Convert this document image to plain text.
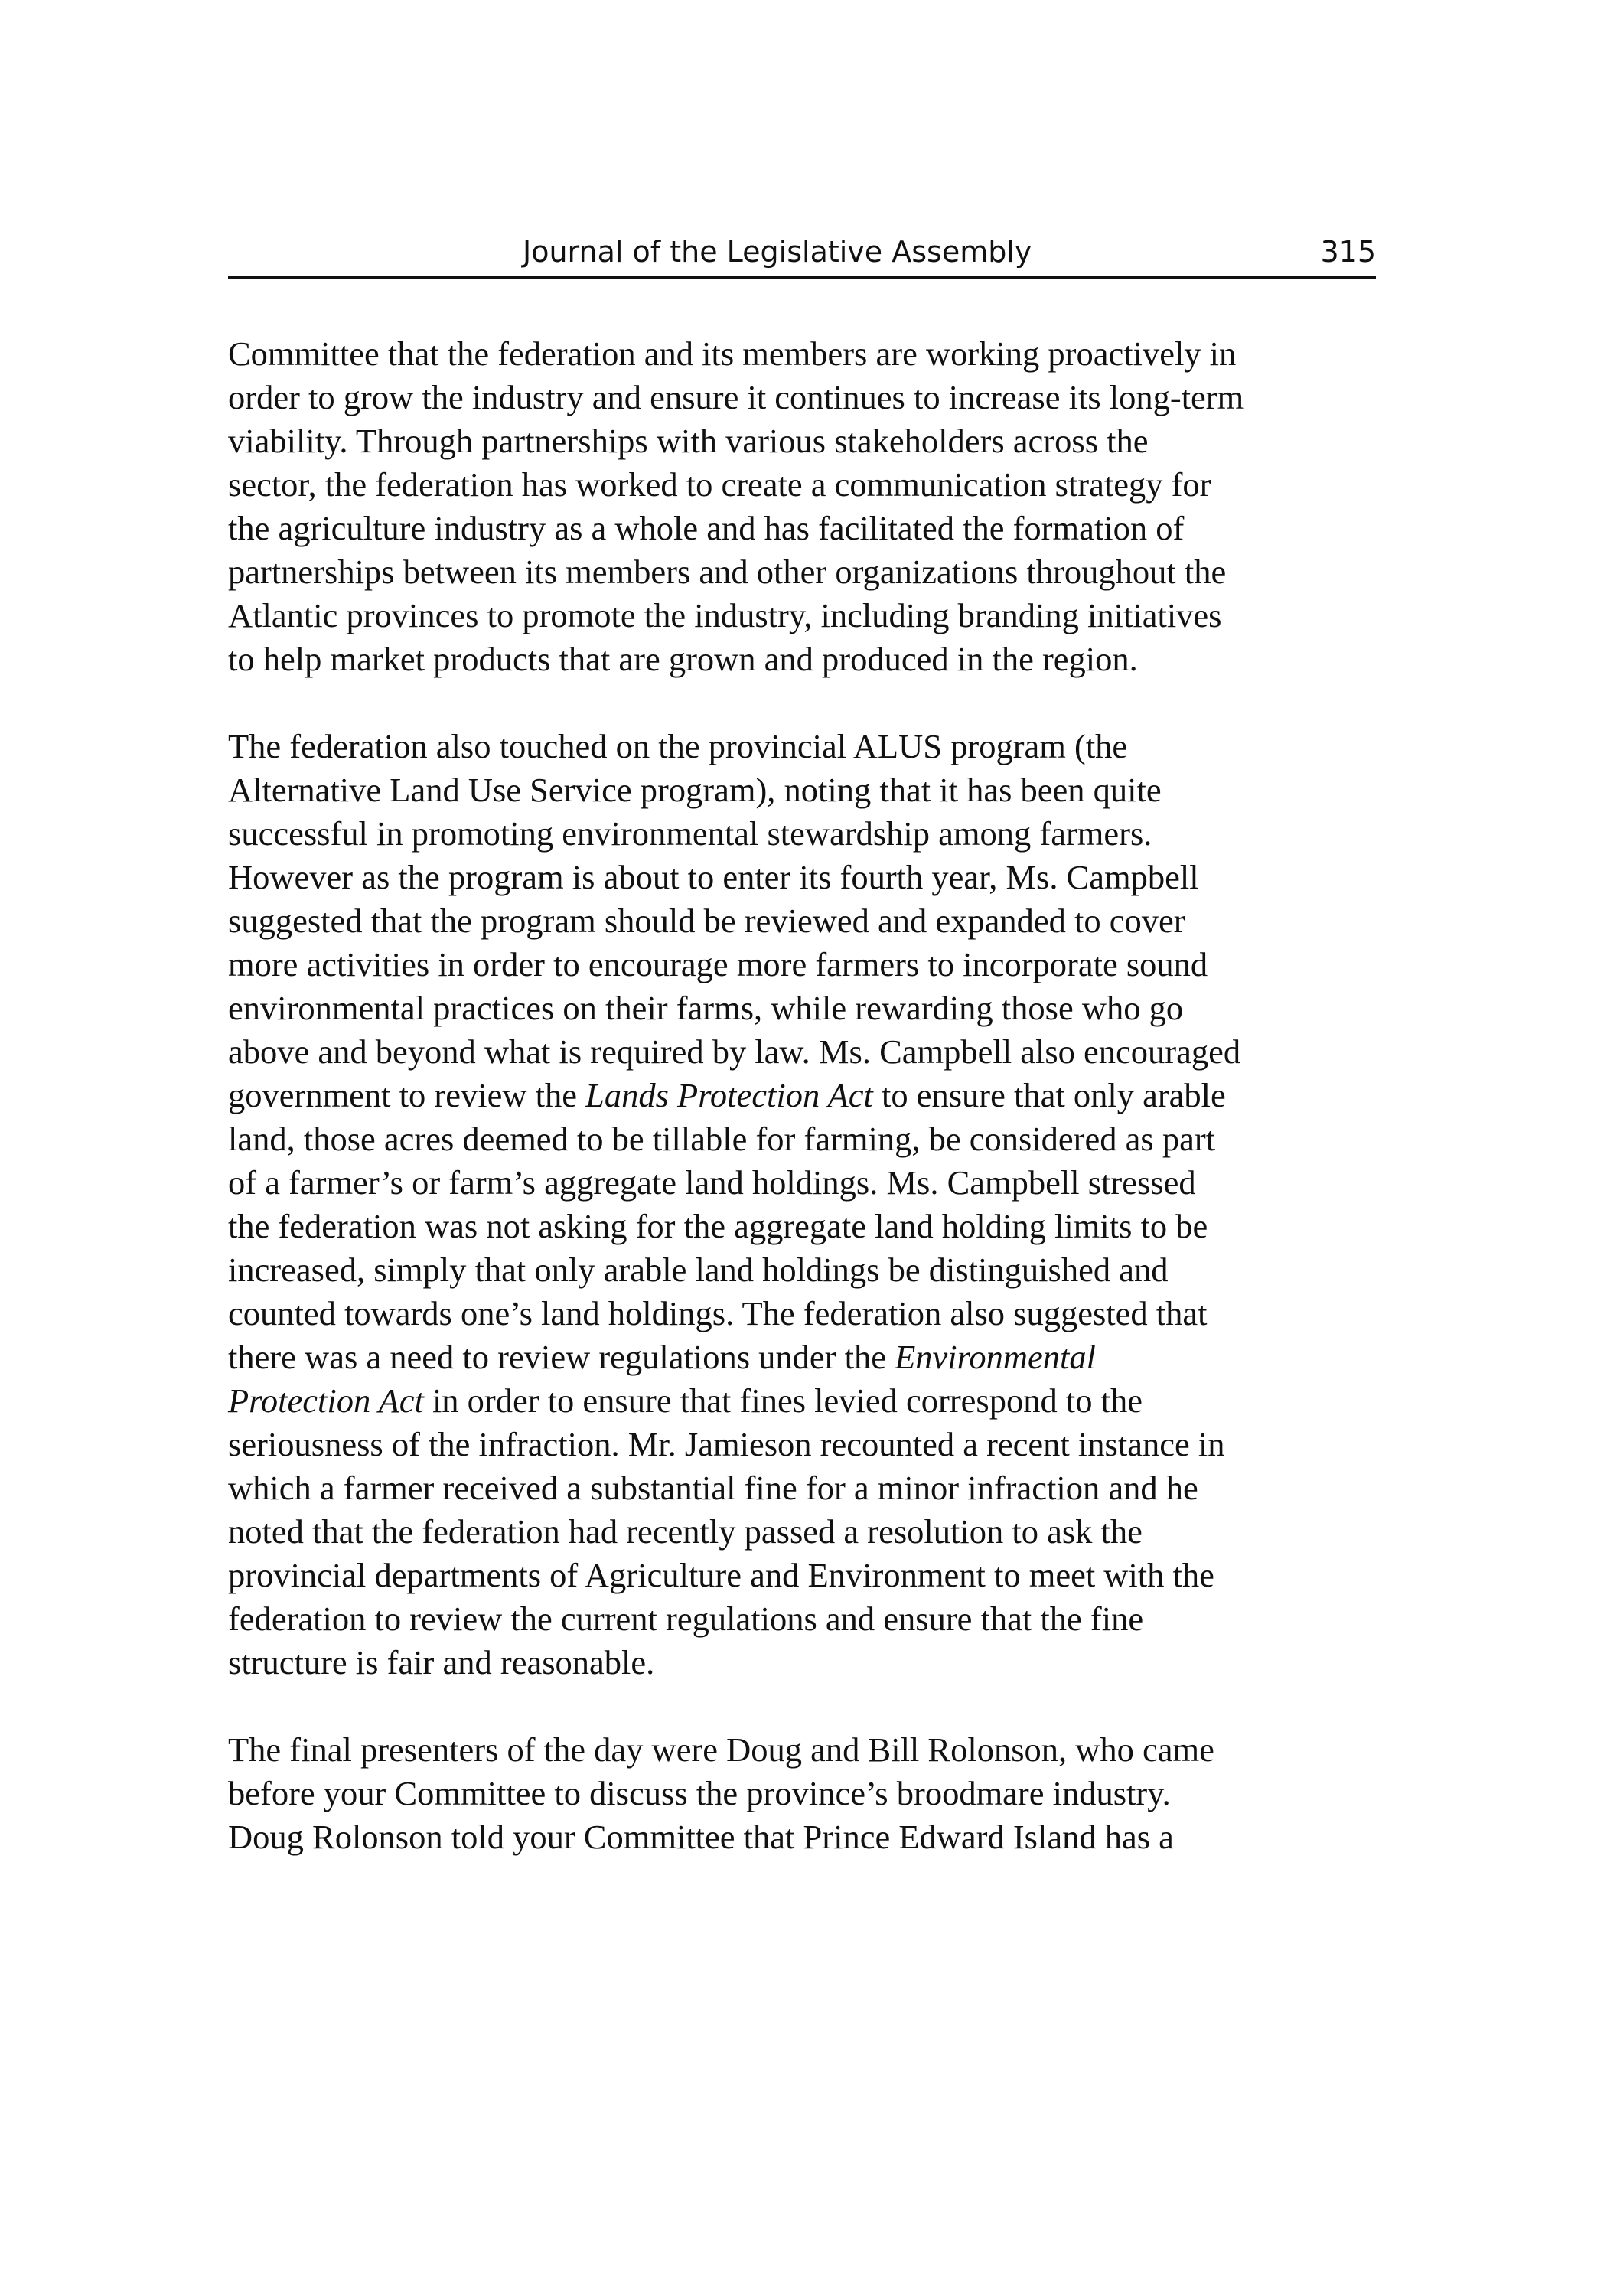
Journal of the Legislative Assembly	315

Committee that the federation and its members are working proactively in
order to grow the industry and ensure it continues to increase its long-term
viability. Through partnerships with various stakeholders across the
sector, the federation has worked to create a communication strategy for
the agriculture industry as a whole and has facilitated the formation of
partnerships between its members and other organizations throughout the
Atlantic provinces to promote the industry, including branding initiatives
to help market products that are grown and produced in the region.

The federation also touched on the provincial ALUS program (the
Alternative Land Use Service program), noting that it has been quite
successful in promoting environmental stewardship among farmers.
However as the program is about to enter its fourth year, Ms. Campbell
suggested that the program should be reviewed and expanded to cover
more activities in order to encourage more farmers to incorporate sound
environmental practices on their farms, while rewarding those who go
above and beyond what is required by law. Ms. Campbell also encouraged
government to review the Lands Protection Act to ensure that only arable
land, those acres deemed to be tillable for farming, be considered as part
of a farmer’s or farm’s aggregate land holdings. Ms. Campbell stressed
the federation was not asking for the aggregate land holding limits to be
increased, simply that only arable land holdings be distinguished and
counted towards one’s land holdings. The federation also suggested that
there was a need to review regulations under the Environmental
Protection Act in order to ensure that fines levied correspond to the
seriousness of the infraction. Mr. Jamieson recounted a recent instance in
which a farmer received a substantial fine for a minor infraction and he
noted that the federation had recently passed a resolution to ask the
provincial departments of Agriculture and Environment to meet with the
federation to review the current regulations and ensure that the fine
structure is fair and reasonable.

The final presenters of the day were Doug and Bill Rolonson, who came
before your Committee to discuss the province’s broodmare industry.
Doug Rolonson told your Committee that Prince Edward Island has a
